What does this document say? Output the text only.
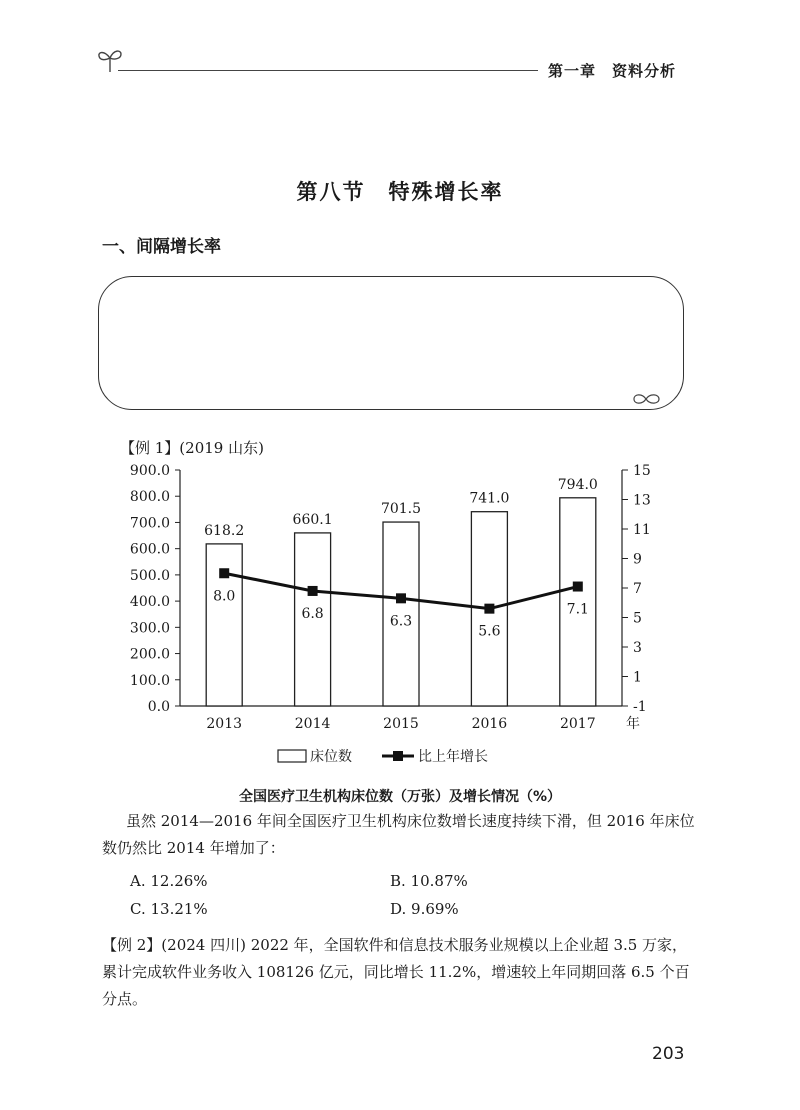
第一章　资料分析
第八节　特殊增长率
一、间隔增长率
【例 1】(2019 山东)
0.0
100.0
200.0
300.0
400.0
500.0
600.0
700.0
800.0
900.0
-1
1
3
5
7
9
11
13
15
2013	2014	2015	2016	2017 年
618.2
660.1
701.5
741.0
794.0
8.0
6.8	6.3
5.6
7.1
床位数	比上年增长
全国医疗卫生机构床位数（万张）及增长情况（%）
虽然 2014—2016 年间全国医疗卫生机构床位数增长速度持续下滑，但 2016 年床位数仍然比 2014 年增加了：
A. 12.26%	B. 10.87%
C. 13.21%	D. 9.69%
【例 2】(2024 四川) 2022 年，全国软件和信息技术服务业规模以上企业超 3.5 万家，累计完成软件业务收入 108126 亿元，同比增长 11.2%，增速较上年同期回落 6.5 个百分点。
203
